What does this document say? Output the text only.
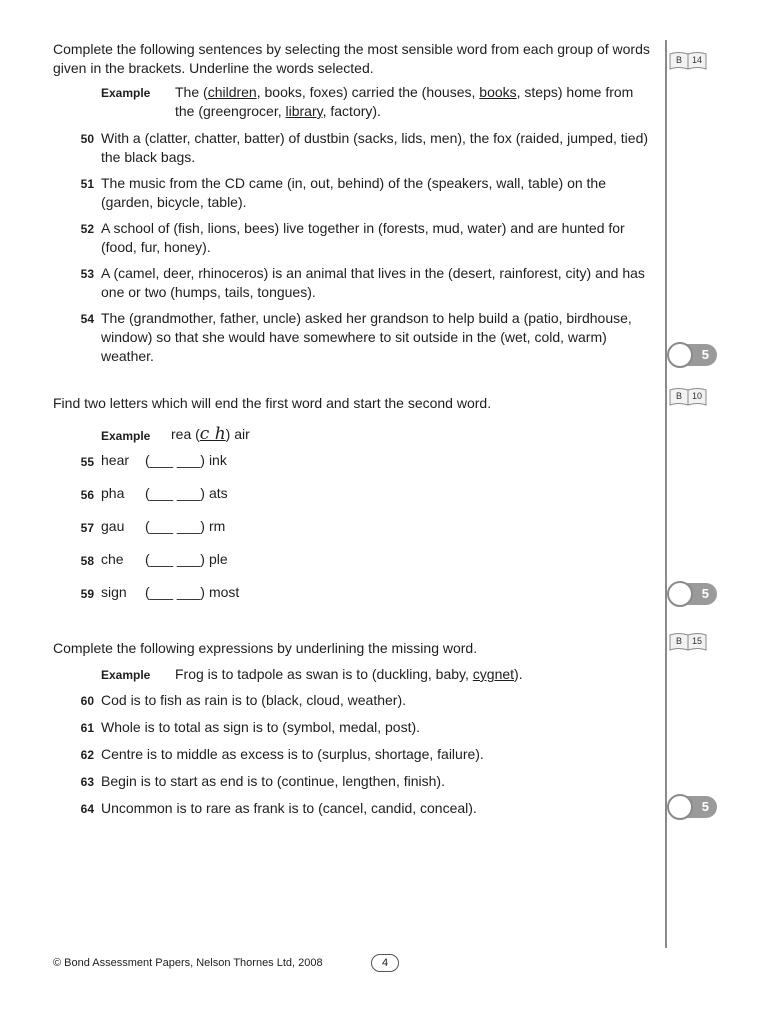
Complete the following sentences by selecting the most sensible word from each group of words given in the brackets. Underline the words selected.	B 14
Example The (children, books, foxes) carried the (houses, books, steps) home from the (greengrocer, library, factory).
50 With a (clatter, chatter, batter) of dustbin (sacks, lids, men), the fox (raided, jumped, tied) the black bags.
51 The music from the CD came (in, out, behind) of the (speakers, wall, table) on the (garden, bicycle, table).
52 A school of (fish, lions, bees) live together in (forests, mud, water) and are hunted for (food, fur, honey).
53 A (camel, deer, rhinoceros) is an animal that lives in the (desert, rainforest, city) and has one or two (humps, tails, tongues).
54 The (grandmother, father, uncle) asked her grandson to help build a (patio, birdhouse, window) so that she would have somewhere to sit outside in the (wet, cold, warm) weather.	5
Find two letters which will end the first word and start the second word.	B 10
Example rea (c h) air
55 hear (___ ___) ink
56 pha (___ ___) ats
57 gau (___ ___) rm
58 che (___ ___) ple
59 sign (___ ___) most	5
Complete the following expressions by underlining the missing word.	B 15
Example Frog is to tadpole as swan is to (duckling, baby, cygnet).
60 Cod is to fish as rain is to (black, cloud, weather).
61 Whole is to total as sign is to (symbol, medal, post).
62 Centre is to middle as excess is to (surplus, shortage, failure).
63 Begin is to start as end is to (continue, lengthen, finish).
64 Uncommon is to rare as frank is to (cancel, candid, conceal).	5
© Bond Assessment Papers, Nelson Thornes Ltd, 2008	4
